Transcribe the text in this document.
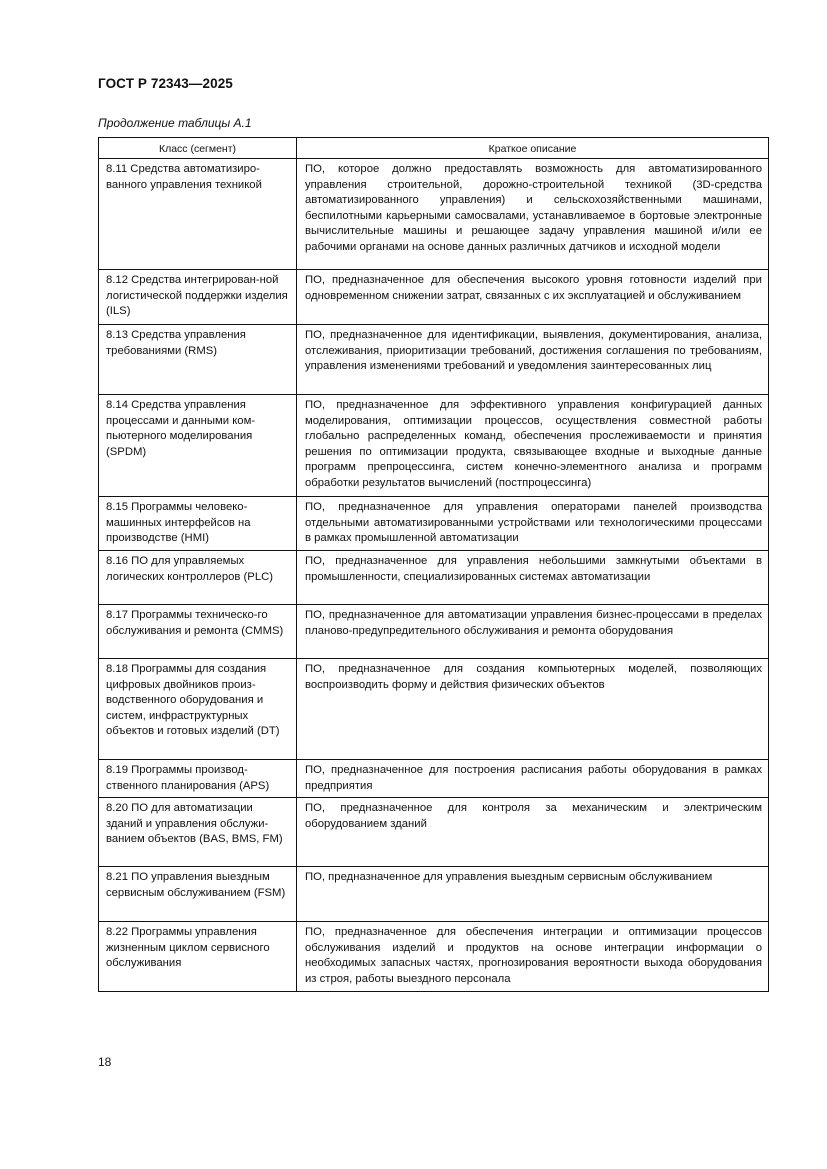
ГОСТ Р 72343—2025
Продолжение таблицы А.1
Класс (сегмент)	Краткое описание
8.11 Средства автоматизиро-ванного управления техникой	ПО, которое должно предоставлять возможность для автоматизированного управления строительной, дорожно-строительной техникой (3D-средства автоматизированного управления) и сельскохозяйственными машинами, беспилотными карьерными самосвалами, устанавливаемое в бортовые электронные вычислительные машины и решающее задачу управления машиной и/или ее рабочими органами на основе данных различных датчиков и исходной модели
8.12 Средства интегрирован-ной логистической поддержки изделия (ILS)	ПО, предназначенное для обеспечения высокого уровня готовности изделий при одновременном снижении затрат, связанных с их эксплуатацией и обслуживанием
8.13 Средства управления требованиями (RMS)	ПО, предназначенное для идентификации, выявления, документирования, анализа, отслеживания, приоритизации требований, достижения соглашения по требованиям, управления изменениями требований и уведомления заинтересованных лиц
8.14 Средства управления процессами и данными ком-пьютерного моделирования (SPDM)	ПО, предназначенное для эффективного управления конфигурацией данных моделирования, оптимизации процессов, осуществления совместной работы глобально распределенных команд, обеспечения прослеживаемости и принятия решения по оптимизации продукта, связывающее входные и выходные данные программ препроцессинга, систем конечно-элементного анализа и программ обработки результатов вычислений (постпроцессинга)
8.15 Программы человеко-машинных интерфейсов на производстве (HMI)	ПО, предназначенное для управления операторами панелей производства отдельными автоматизированными устройствами или технологическими процессами в рамках промышленной автоматизации
8.16 ПО для управляемых логических контроллеров (PLC)	ПО, предназначенное для управления небольшими замкнутыми объектами в промышленности, специализированных системах автоматизации
8.17 Программы техническо-го обслуживания и ремонта (CMMS)	ПО, предназначенное для автоматизации управления бизнес-процессами в пределах планово-предупредительного обслуживания и ремонта оборудования
8.18 Программы для создания цифровых двойников произ-водственного оборудования и систем, инфраструктурных объектов и готовых изделий (DT)	ПО, предназначенное для создания компьютерных моделей, позволяющих воспроизводить форму и действия физических объектов
8.19 Программы производ-ственного планирования (APS)	ПО, предназначенное для построения расписания работы оборудования в рамках предприятия
8.20 ПО для автоматизации зданий и управления обслужи-ванием объектов (BAS, BMS, FM)	ПО, предназначенное для контроля за механическим и электрическим оборудованием зданий
8.21 ПО управления выездным сервисным обслуживанием (FSM)	ПО, предназначенное для управления выездным сервисным обслуживанием
8.22 Программы управления жизненным циклом сервисного обслуживания	ПО, предназначенное для обеспечения интеграции и оптимизации процессов обслуживания изделий и продуктов на основе интеграции информации о необходимых запасных частях, прогнозирования вероятности выхода оборудования из строя, работы выездного персонала
18
